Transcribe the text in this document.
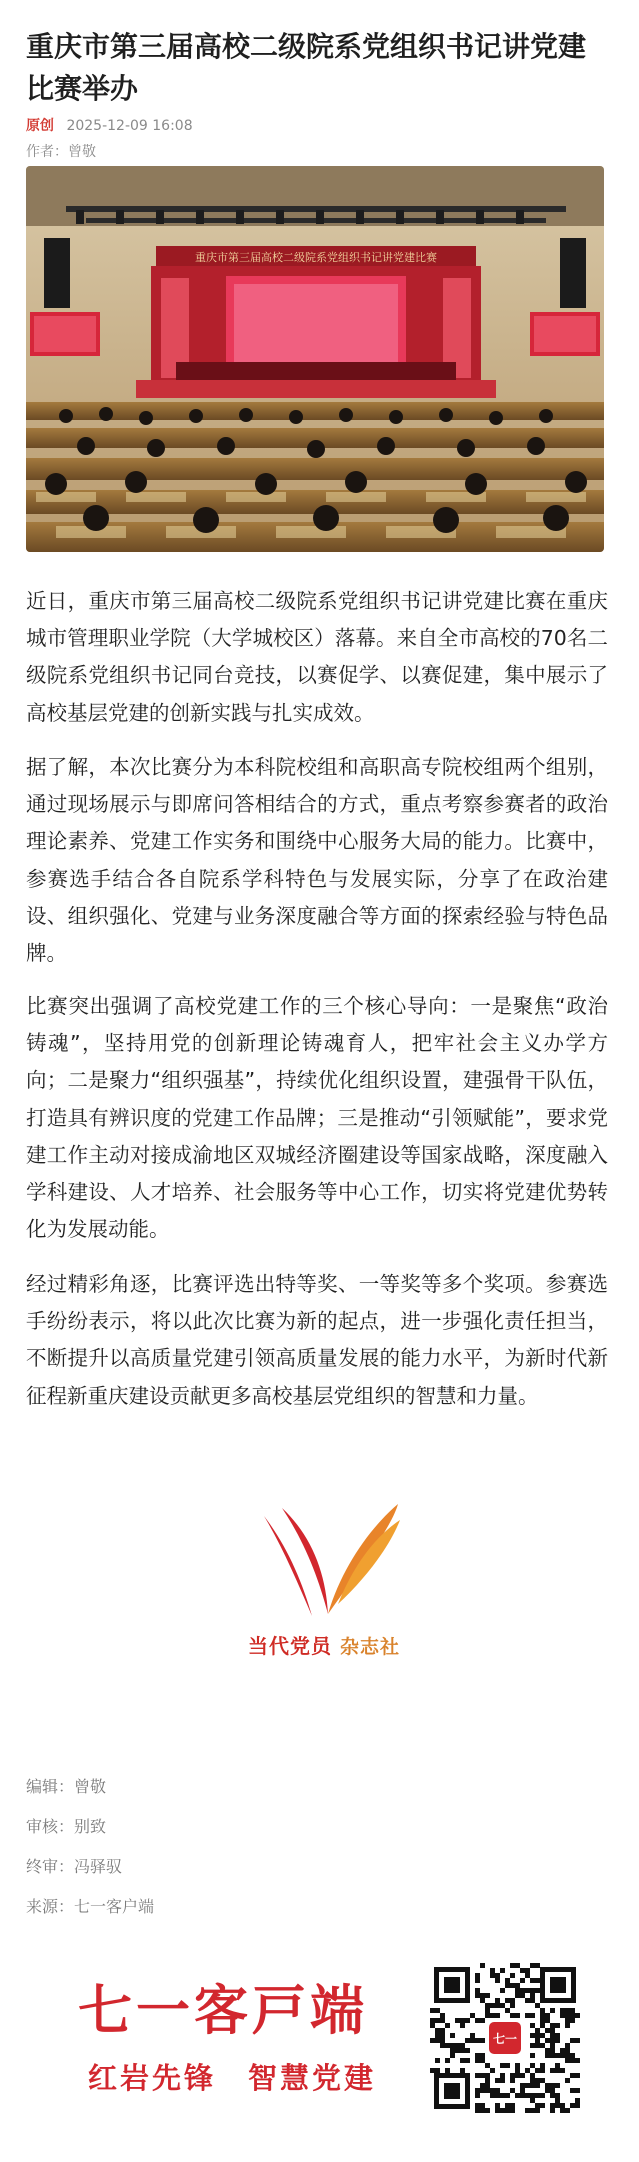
重庆市第三届高校二级院系党组织书记讲党建比赛举办
原创 2025-12-09 16:08
作者：曾敬
重庆市第三届高校二级院系党组织书记讲党建比赛

近日，重庆市第三届高校二级院系党组织书记讲党建比赛在重庆城市管理职业学院（大学城校区）落幕。来自全市高校的70名二级院系党组织书记同台竞技，以赛促学、以赛促建，集中展示了高校基层党建的创新实践与扎实成效。

据了解，本次比赛分为本科院校组和高职高专院校组两个组别，通过现场展示与即席问答相结合的方式，重点考察参赛者的政治理论素养、党建工作实务和围绕中心服务大局的能力。比赛中，参赛选手结合各自院系学科特色与发展实际，分享了在政治建设、组织强化、党建与业务深度融合等方面的探索经验与特色品牌。

比赛突出强调了高校党建工作的三个核心导向：一是聚焦“政治铸魂”，坚持用党的创新理论铸魂育人，把牢社会主义办学方向；二是聚力“组织强基”，持续优化组织设置，建强骨干队伍，打造具有辨识度的党建工作品牌；三是推动“引领赋能”，要求党建工作主动对接成渝地区双城经济圈建设等国家战略，深度融入学科建设、人才培养、社会服务等中心工作，切实将党建优势转化为发展动能。

经过精彩角逐，比赛评选出特等奖、一等奖等多个奖项。参赛选手纷纷表示，将以此次比赛为新的起点，进一步强化责任担当，不断提升以高质量党建引领高质量发展的能力水平，为新时代新征程新重庆建设贡献更多高校基层党组织的智慧和力量。

当代党员 杂志社
编辑：曾敬
审核：别致
终审：冯驿驭
来源：七一客户端
七一客戸端
红岩先锋　 智慧党建
七一
